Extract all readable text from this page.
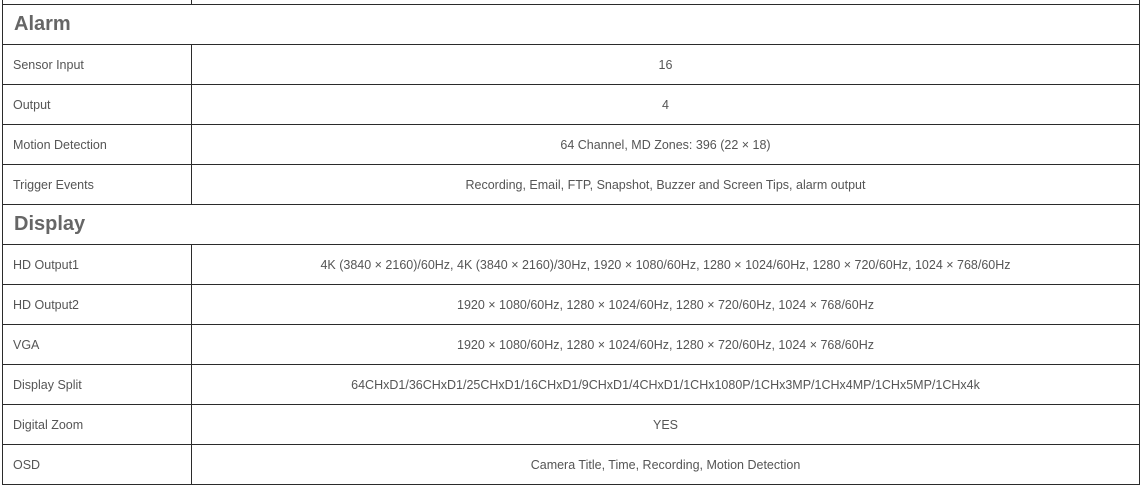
Alarm	
Sensor Input	16
Output	4
Motion Detection	64 Channel, MD Zones: 396 (22 × 18)
Trigger Events	Recording, Email, FTP, Snapshot, Buzzer and Screen Tips, alarm output
Display	
HD Output1	4K (3840 × 2160)/60Hz, 4K (3840 × 2160)/30Hz, 1920 × 1080/60Hz, 1280 × 1024/60Hz, 1280 × 720/60Hz, 1024 × 768/60Hz
HD Output2	1920 × 1080/60Hz, 1280 × 1024/60Hz, 1280 × 720/60Hz, 1024 × 768/60Hz
VGA	1920 × 1080/60Hz, 1280 × 1024/60Hz, 1280 × 720/60Hz, 1024 × 768/60Hz
Display Split	64CHxD1/36CHxD1/25CHxD1/16CHxD1/9CHxD1/4CHxD1/1CHx1080P/1CHx3MP/1CHx4MP/1CHx5MP/1CHx4k
Digital Zoom	YES
OSD	Camera Title, Time, Recording, Motion Detection
